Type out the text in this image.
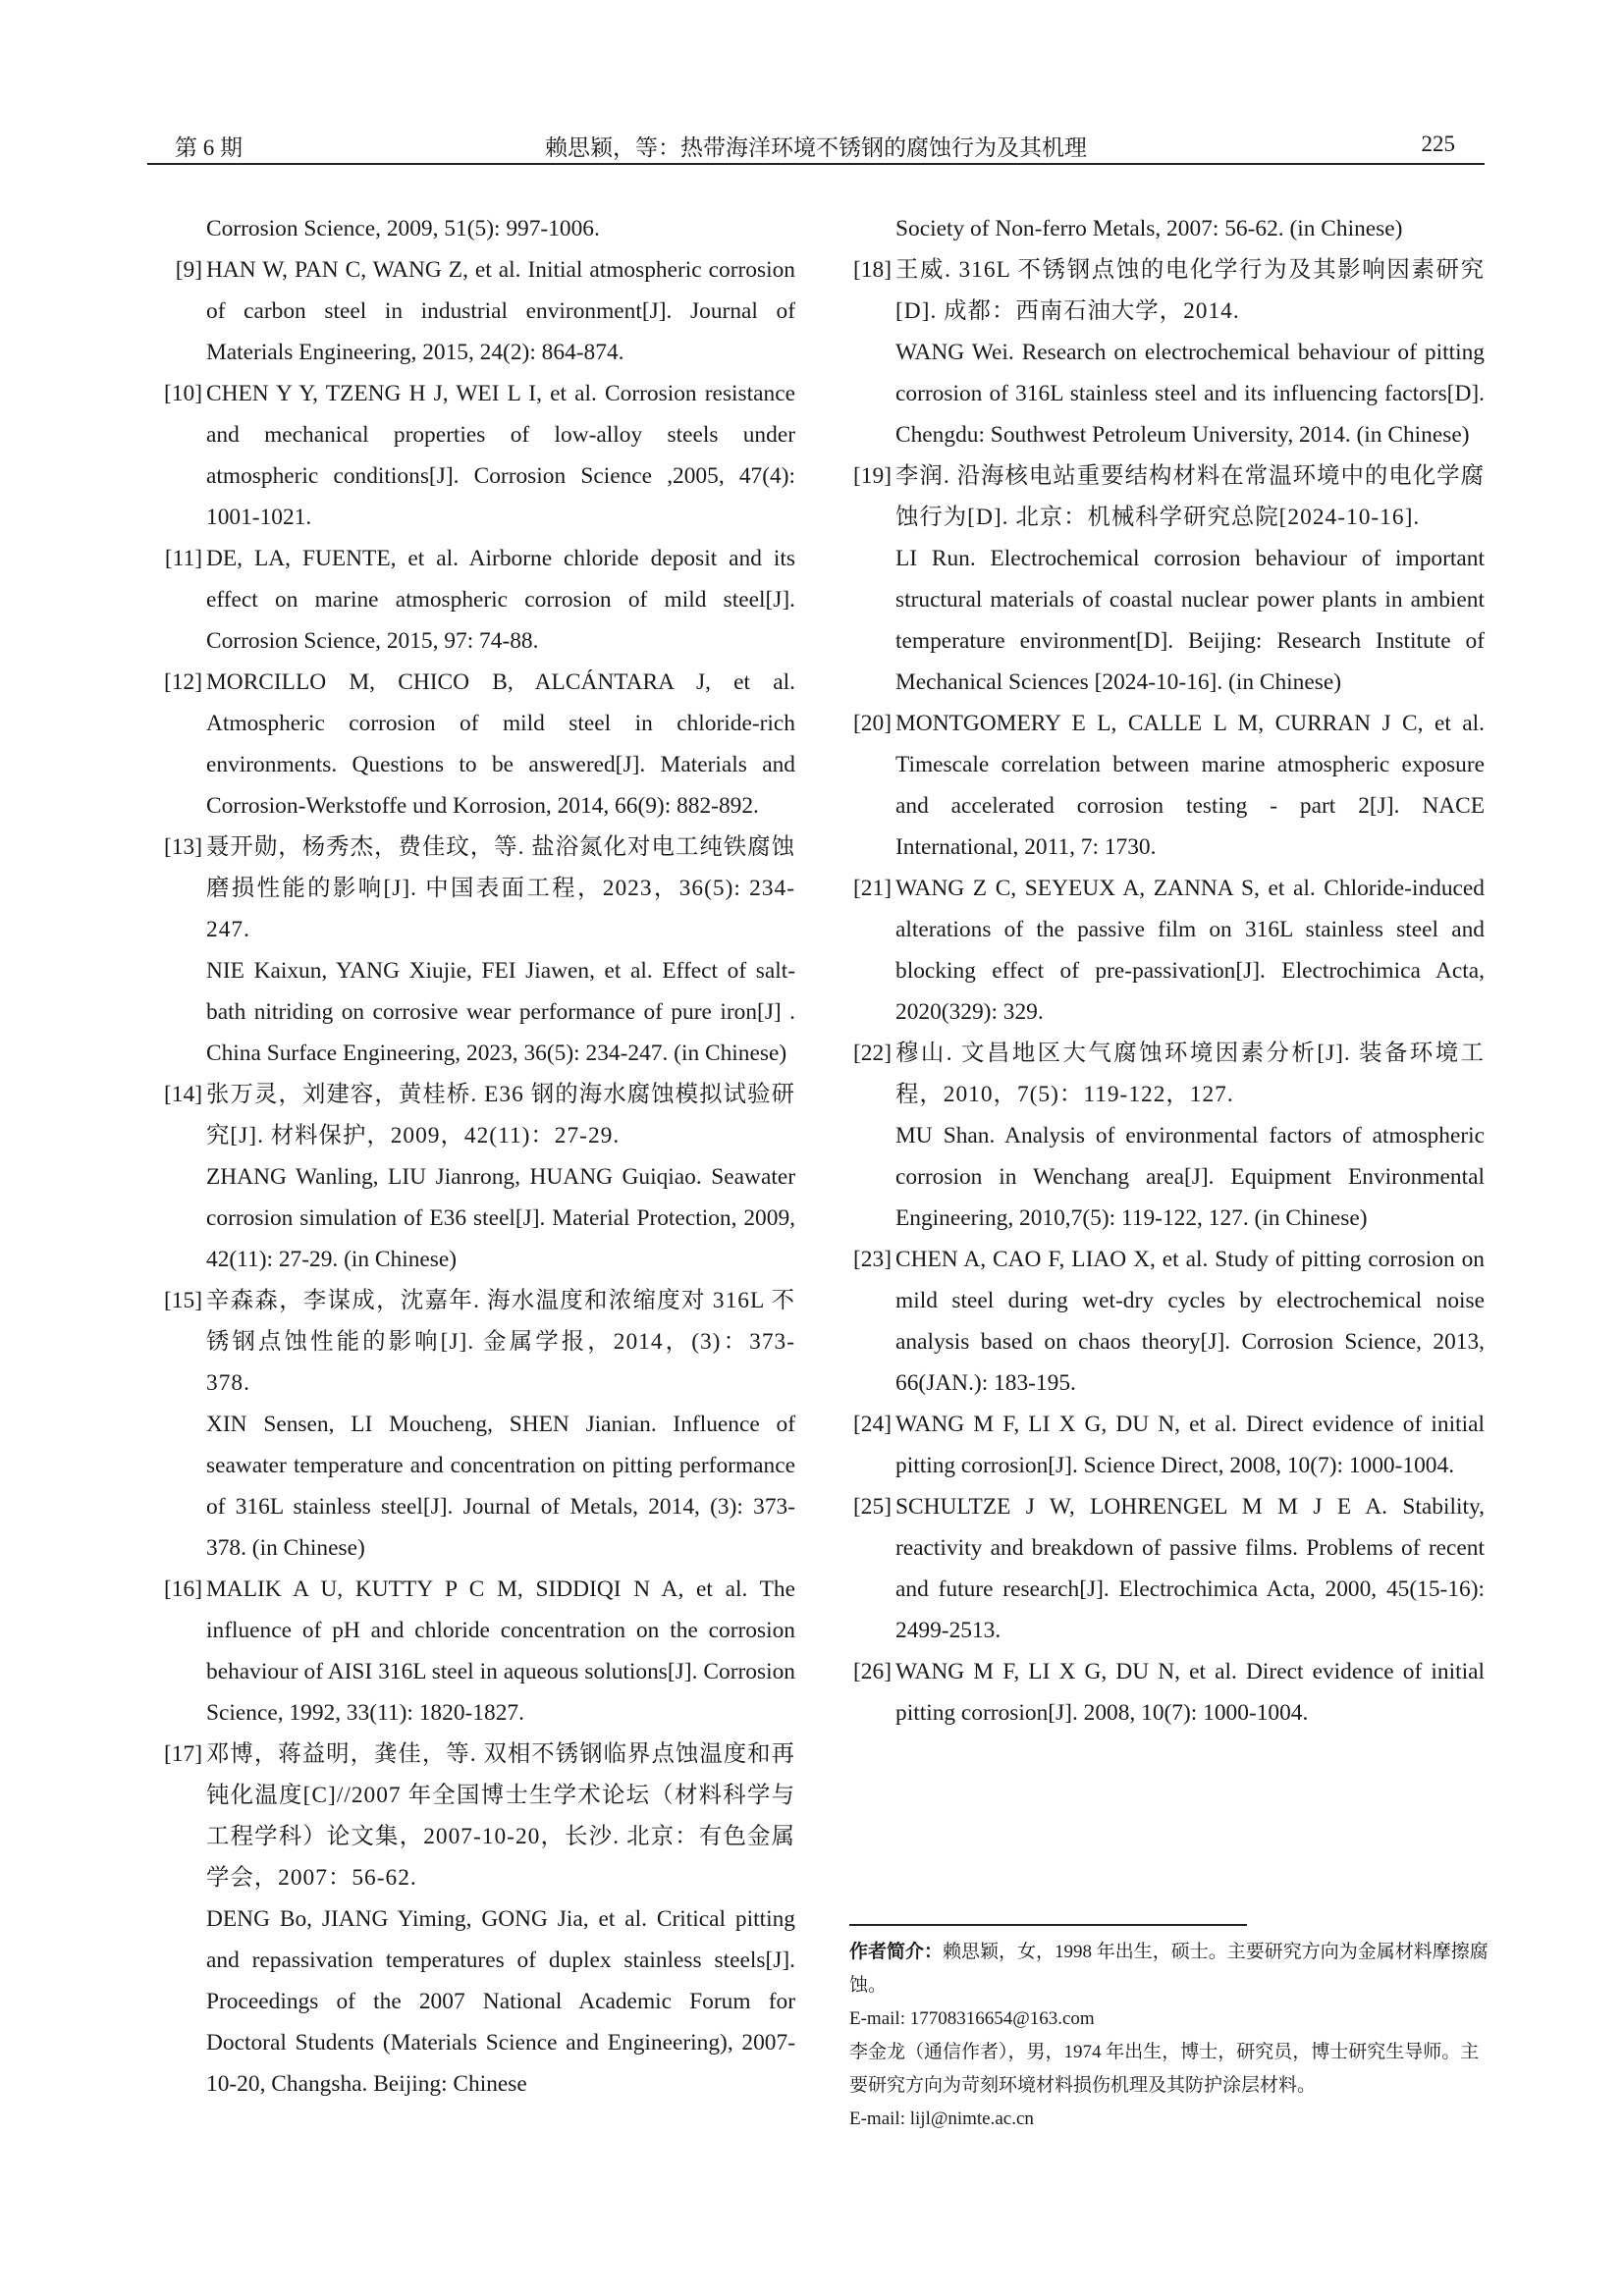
第 6 期	赖思颖，等：热带海洋环境不锈钢的腐蚀行为及其机理	225
Corrosion Science, 2009, 51(5): 997-1006.
[9] HAN W, PAN C, WANG Z, et al. Initial atmospheric corrosion of carbon steel in industrial environment[J]. Journal of Materials Engineering, 2015, 24(2): 864-874.
[10] CHEN Y Y, TZENG H J, WEI L I, et al. Corrosion resistance and mechanical properties of low-alloy steels under atmospheric conditions[J]. Corrosion Science ,2005, 47(4): 1001-1021.
[11] DE, LA, FUENTE, et al. Airborne chloride deposit and its effect on marine atmospheric corrosion of mild steel[J]. Corrosion Science, 2015, 97: 74-88.
[12] MORCILLO M, CHICO B, ALCÁNTARA J, et al. Atmospheric corrosion of mild steel in chloride-rich environments. Questions to be answered[J]. Materials and Corrosion-Werkstoffe und Korrosion, 2014, 66(9): 882-892.
[13] 聂开勋，杨秀杰，费佳玟，等. 盐浴氮化对电工纯铁腐蚀磨损性能的影响[J]. 中国表面工程，2023，36(5): 234-247.
NIE Kaixun, YANG Xiujie, FEI Jiawen, et al. Effect of salt-bath nitriding on corrosive wear performance of pure iron[J] . China Surface Engineering, 2023, 36(5): 234-247. (in Chinese)
[14] 张万灵，刘建容，黄桂桥. E36 钢的海水腐蚀模拟试验研究[J]. 材料保护，2009，42(11)：27-29.
ZHANG Wanling, LIU Jianrong, HUANG Guiqiao. Seawater corrosion simulation of E36 steel[J]. Material Protection, 2009, 42(11): 27-29. (in Chinese)
[15] 辛森森，李谋成，沈嘉年. 海水温度和浓缩度对 316L 不锈钢点蚀性能的影响[J]. 金属学报，2014，(3)：373-378.
XIN Sensen, LI Moucheng, SHEN Jianian. Influence of seawater temperature and concentration on pitting performance of 316L stainless steel[J]. Journal of Metals, 2014, (3): 373-378. (in Chinese)
[16] MALIK A U, KUTTY P C M, SIDDIQI N A, et al. The influence of pH and chloride concentration on the corrosion behaviour of AISI 316L steel in aqueous solutions[J]. Corrosion Science, 1992, 33(11): 1820-1827.
[17] 邓博，蒋益明，龚佳，等. 双相不锈钢临界点蚀温度和再钝化温度[C]//2007 年全国博士生学术论坛（材料科学与工程学科）论文集，2007-10-20，长沙. 北京：有色金属学会，2007：56-62.
DENG Bo, JIANG Yiming, GONG Jia, et al. Critical pitting and repassivation temperatures of duplex stainless steels[J]. Proceedings of the 2007 National Academic Forum for Doctoral Students (Materials Science and Engineering), 2007-10-20, Changsha. Beijing: Chinese
Society of Non-ferro Metals, 2007: 56-62. (in Chinese)
[18] 王威. 316L 不锈钢点蚀的电化学行为及其影响因素研究[D]. 成都：西南石油大学，2014.
WANG Wei. Research on electrochemical behaviour of pitting corrosion of 316L stainless steel and its influencing factors[D]. Chengdu: Southwest Petroleum University, 2014. (in Chinese)
[19] 李润. 沿海核电站重要结构材料在常温环境中的电化学腐蚀行为[D]. 北京：机械科学研究总院[2024-10-16].
LI Run. Electrochemical corrosion behaviour of important structural materials of coastal nuclear power plants in ambient temperature environment[D]. Beijing: Research Institute of Mechanical Sciences [2024-10-16]. (in Chinese)
[20] MONTGOMERY E L, CALLE L M, CURRAN J C, et al. Timescale correlation between marine atmospheric exposure and accelerated corrosion testing - part 2[J]. NACE International, 2011, 7: 1730.
[21] WANG Z C, SEYEUX A, ZANNA S, et al. Chloride-induced alterations of the passive film on 316L stainless steel and blocking effect of pre-passivation[J]. Electrochimica Acta, 2020(329): 329.
[22] 穆山. 文昌地区大气腐蚀环境因素分析[J]. 装备环境工程，2010，7(5)：119-122，127.
MU Shan. Analysis of environmental factors of atmospheric corrosion in Wenchang area[J]. Equipment Environmental Engineering, 2010,7(5): 119-122, 127. (in Chinese)
[23] CHEN A, CAO F, LIAO X, et al. Study of pitting corrosion on mild steel during wet-dry cycles by electrochemical noise analysis based on chaos theory[J]. Corrosion Science, 2013, 66(JAN.): 183-195.
[24] WANG M F, LI X G, DU N, et al. Direct evidence of initial pitting corrosion[J]. Science Direct, 2008, 10(7): 1000-1004.
[25] SCHULTZE J W, LOHRENGEL M M J E A. Stability, reactivity and breakdown of passive films. Problems of recent and future research[J]. Electrochimica Acta, 2000, 45(15-16): 2499-2513.
[26] WANG M F, LI X G, DU N, et al. Direct evidence of initial pitting corrosion[J]. 2008, 10(7): 1000-1004.
作者简介：赖思颖，女，1998 年出生，硕士。主要研究方向为金属材料摩擦腐蚀。
E-mail: 17708316654@163.com
李金龙（通信作者），男，1974 年出生，博士，研究员，博士研究生导师。主要研究方向为苛刻环境材料损伤机理及其防护涂层材料。
E-mail: lijl@nimte.ac.cn
